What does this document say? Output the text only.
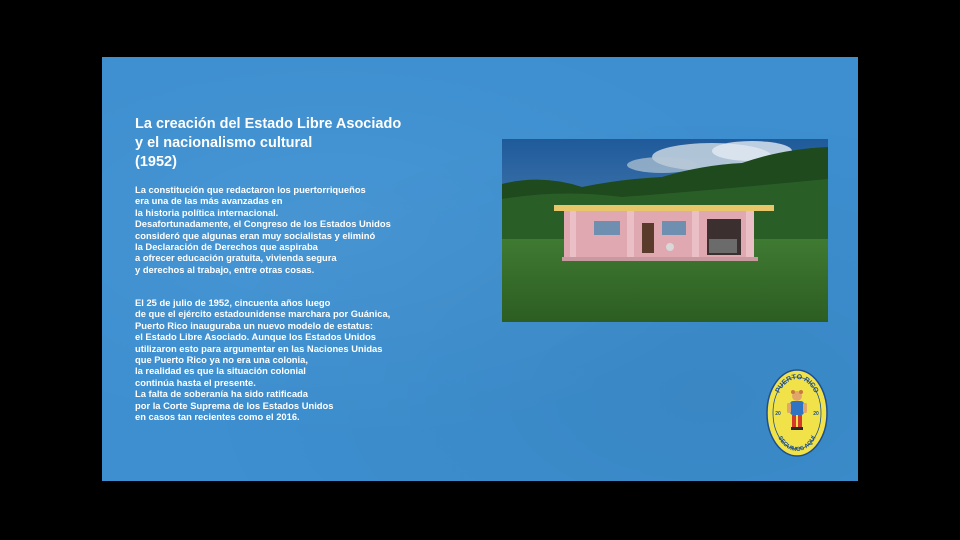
La creación del Estado Libre Asociado
y el nacionalismo cultural
(1952)
La constitución que redactaron los puertorriqueños
era una de las más avanzadas en
la historia política internacional.
Desafortunadamente, el Congreso de los Estados Unidos
consideró que algunas eran muy socialistas y eliminó
la Declaración de Derechos que aspiraba
a ofrecer educación gratuita, vivienda segura
y derechos al trabajo, entre otras cosas.
El 25 de julio de 1952, cincuenta años luego
de que el ejército estadounidense marchara por Guánica,
Puerto Rico inauguraba un nuevo modelo de estatus:
el Estado Libre Asociado. Aunque los Estados Unidos
utilizaron esto para argumentar en las Naciones Unidas
que Puerto Rico ya no era una colonia,
la realidad es que la situación colonial
continúa hasta el presente.
La falta de soberanía ha sido ratificada
por la Corte Suprema de los Estados Unidos
en casos tan recientes como el 2016.
PUERTO RICO
SEGUIMOS AQUÍ
20	20
